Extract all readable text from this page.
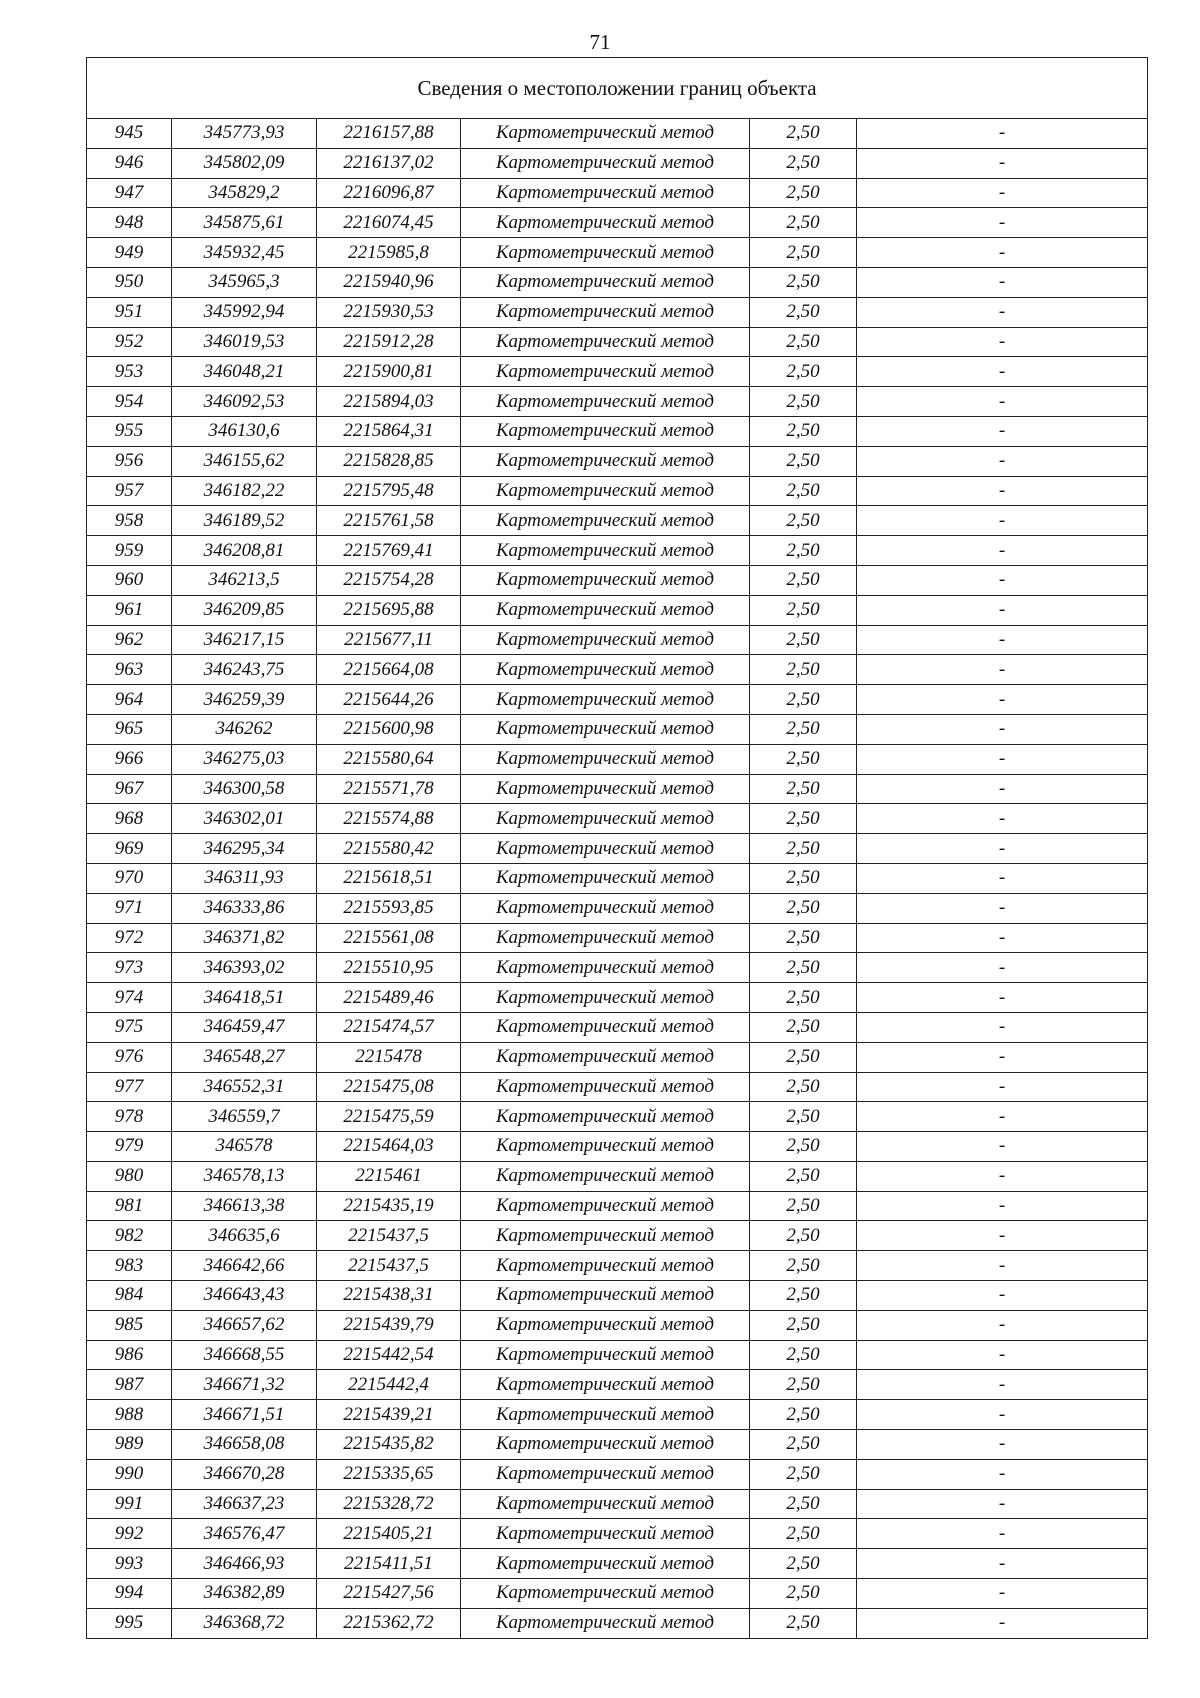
71
Сведения о местоположении границ объекта					
945	345773,93	2216157,88	Картометрический метод	2,50	-
946	345802,09	2216137,02	Картометрический метод	2,50	-
947	345829,2	2216096,87	Картометрический метод	2,50	-
948	345875,61	2216074,45	Картометрический метод	2,50	-
949	345932,45	2215985,8	Картометрический метод	2,50	-
950	345965,3	2215940,96	Картометрический метод	2,50	-
951	345992,94	2215930,53	Картометрический метод	2,50	-
952	346019,53	2215912,28	Картометрический метод	2,50	-
953	346048,21	2215900,81	Картометрический метод	2,50	-
954	346092,53	2215894,03	Картометрический метод	2,50	-
955	346130,6	2215864,31	Картометрический метод	2,50	-
956	346155,62	2215828,85	Картометрический метод	2,50	-
957	346182,22	2215795,48	Картометрический метод	2,50	-
958	346189,52	2215761,58	Картометрический метод	2,50	-
959	346208,81	2215769,41	Картометрический метод	2,50	-
960	346213,5	2215754,28	Картометрический метод	2,50	-
961	346209,85	2215695,88	Картометрический метод	2,50	-
962	346217,15	2215677,11	Картометрический метод	2,50	-
963	346243,75	2215664,08	Картометрический метод	2,50	-
964	346259,39	2215644,26	Картометрический метод	2,50	-
965	346262	2215600,98	Картометрический метод	2,50	-
966	346275,03	2215580,64	Картометрический метод	2,50	-
967	346300,58	2215571,78	Картометрический метод	2,50	-
968	346302,01	2215574,88	Картометрический метод	2,50	-
969	346295,34	2215580,42	Картометрический метод	2,50	-
970	346311,93	2215618,51	Картометрический метод	2,50	-
971	346333,86	2215593,85	Картометрический метод	2,50	-
972	346371,82	2215561,08	Картометрический метод	2,50	-
973	346393,02	2215510,95	Картометрический метод	2,50	-
974	346418,51	2215489,46	Картометрический метод	2,50	-
975	346459,47	2215474,57	Картометрический метод	2,50	-
976	346548,27	2215478	Картометрический метод	2,50	-
977	346552,31	2215475,08	Картометрический метод	2,50	-
978	346559,7	2215475,59	Картометрический метод	2,50	-
979	346578	2215464,03	Картометрический метод	2,50	-
980	346578,13	2215461	Картометрический метод	2,50	-
981	346613,38	2215435,19	Картометрический метод	2,50	-
982	346635,6	2215437,5	Картометрический метод	2,50	-
983	346642,66	2215437,5	Картометрический метод	2,50	-
984	346643,43	2215438,31	Картометрический метод	2,50	-
985	346657,62	2215439,79	Картометрический метод	2,50	-
986	346668,55	2215442,54	Картометрический метод	2,50	-
987	346671,32	2215442,4	Картометрический метод	2,50	-
988	346671,51	2215439,21	Картометрический метод	2,50	-
989	346658,08	2215435,82	Картометрический метод	2,50	-
990	346670,28	2215335,65	Картометрический метод	2,50	-
991	346637,23	2215328,72	Картометрический метод	2,50	-
992	346576,47	2215405,21	Картометрический метод	2,50	-
993	346466,93	2215411,51	Картометрический метод	2,50	-
994	346382,89	2215427,56	Картометрический метод	2,50	-
995	346368,72	2215362,72	Картометрический метод	2,50	-
